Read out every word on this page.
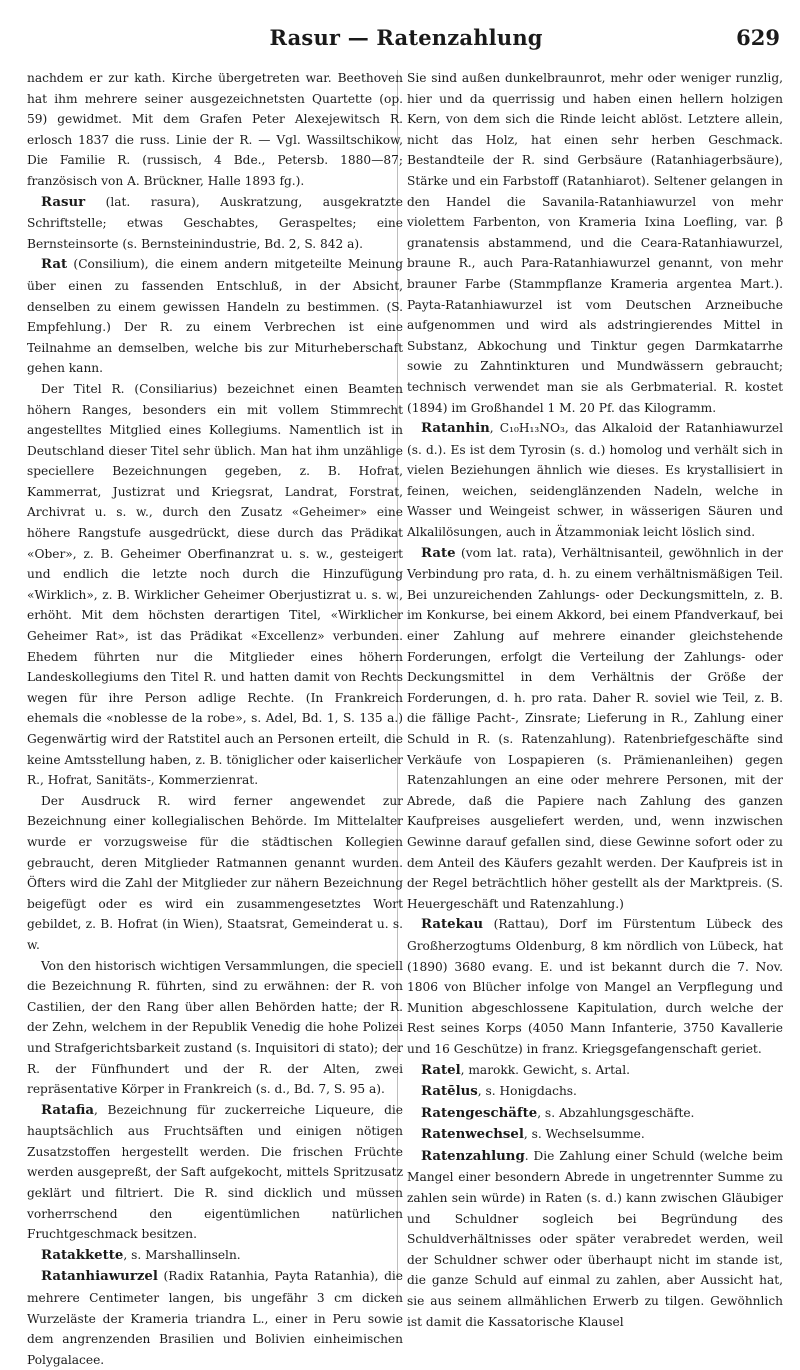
Rasur — Ratenzahlung	629

nachdem er zur kath. Kirche übergetreten war. Beethoven hat ihm mehrere seiner ausgezeichnetsten Quartette (op. 59) gewidmet. Mit dem Grafen Peter Alexejewitsch R. erlosch 1837 die russ. Linie der R. — Vgl. Wassiltschikow, Die Familie R. (russisch, 4 Bde., Petersb. 1880—87; französisch von A. Brückner, Halle 1893 fg.).

Rasur (lat. rasura), Auskratzung, ausgekratzte Schriftstelle; etwas Geschabtes, Geraspeltes; eine Bernsteinsorte (s. Bernsteinindustrie, Bd. 2, S. 842 a).

Rat (Consilium), die einem andern mitgeteilte Meinung über einen zu fassenden Entschluß, in der Absicht, denselben zu einem gewissen Handeln zu bestimmen. (S. Empfehlung.) Der R. zu einem Verbrechen ist eine Teilnahme an demselben, welche bis zur Miturheberschaft gehen kann.

Der Titel R. (Consiliarius) bezeichnet einen Beamten höhern Ranges, besonders ein mit vollem Stimmrecht angestelltes Mitglied eines Kollegiums. Namentlich ist in Deutschland dieser Titel sehr üblich. Man hat ihm unzählige speciellere Bezeichnungen gegeben, z. B. Hofrat, Kammerrat, Justizrat und Kriegsrat, Landrat, Forstrat, Archivrat u. s. w., durch den Zusatz «Geheimer» eine höhere Rangstufe ausgedrückt, diese durch das Prädikat «Ober», z. B. Geheimer Oberfinanzrat u. s. w., gesteigert und endlich die letzte noch durch die Hinzufügung «Wirklich», z. B. Wirklicher Geheimer Oberjustizrat u. s. w., erhöht. Mit dem höchsten derartigen Titel, «Wirklicher Geheimer Rat», ist das Prädikat «Excellenz» verbunden. Ehedem führten nur die Mitglieder eines höhern Landeskollegiums den Titel R. und hatten damit von Rechts wegen für ihre Person adlige Rechte. (In Frankreich ehemals die «noblesse de la robe», s. Adel, Bd. 1, S. 135 a.) Gegenwärtig wird der Ratstitel auch an Personen erteilt, die keine Amtsstellung haben, z. B. töniglicher oder kaiserlicher R., Hofrat, Sanitäts-, Kommerzienrat.

Der Ausdruck R. wird ferner angewendet zur Bezeichnung einer kollegialischen Behörde. Im Mittelalter wurde er vorzugsweise für die städtischen Kollegien gebraucht, deren Mitglieder Ratmannen genannt wurden. Öfters wird die Zahl der Mitglieder zur nähern Bezeichnung beigefügt oder es wird ein zusammengesetztes Wort gebildet, z. B. Hofrat (in Wien), Staatsrat, Gemeinderat u. s. w.

Von den historisch wichtigen Versammlungen, die speciell die Bezeichnung R. führten, sind zu erwähnen: der R. von Castilien, der den Rang über allen Behörden hatte; der R. der Zehn, welchem in der Republik Venedig die hohe Polizei und Strafgerichtsbarkeit zustand (s. Inquisitori di stato); der R. der Fünfhundert und der R. der Alten, zwei repräsentative Körper in Frankreich (s. d., Bd. 7, S. 95 a).

Ratafia, Bezeichnung für zuckerreiche Liqueure, die hauptsächlich aus Fruchtsäften und einigen nötigen Zusatzstoffen hergestellt werden. Die frischen Früchte werden ausgepreßt, der Saft aufgekocht, mittels Spritzusatz geklärt und filtriert. Die R. sind dicklich und müssen vorherrschend den eigentümlichen natürlichen Fruchtgeschmack besitzen.

Ratakkette, s. Marshallinseln.

Ratanhiawurzel (Radix Ratanhia, Payta Ratanhia), die mehrere Centimeter langen, bis ungefähr 3 cm dicken Wurzeläste der Krameria triandra L., einer in Peru sowie dem angrenzenden Brasilien und Bolivien einheimischen Polygalacee.

Sie sind außen dunkelbraunrot, mehr oder weniger runzlig, hier und da querrissig und haben einen hellern holzigen Kern, von dem sich die Rinde leicht ablöst. Letztere allein, nicht das Holz, hat einen sehr herben Geschmack. Bestandteile der R. sind Gerbsäure (Ratanhiagerbsäure), Stärke und ein Farbstoff (Ratanhiarot). Seltener gelangen in den Handel die Savanila-Ratanhiawurzel von mehr violettem Farbenton, von Krameria Ixina Loefling, var. β granatensis abstammend, und die Ceara-Ratanhiawurzel, braune R., auch Para-Ratanhiawurzel genannt, von mehr brauner Farbe (Stammpflanze Krameria argentea Mart.). Payta-Ratanhiawurzel ist vom Deutschen Arzneibuche aufgenommen und wird als adstringierendes Mittel in Substanz, Abkochung und Tinktur gegen Darmkatarrhe sowie zu Zahntinkturen und Mundwässern gebraucht; technisch verwendet man sie als Gerbmaterial. R. kostet (1894) im Großhandel 1 M. 20 Pf. das Kilogramm.

Ratanhin, C₁₀H₁₃NO₃, das Alkaloid der Ratanhiawurzel (s. d.). Es ist dem Tyrosin (s. d.) homolog und verhält sich in vielen Beziehungen ähnlich wie dieses. Es krystallisiert in feinen, weichen, seidenglänzenden Nadeln, welche in Wasser und Weingeist schwer, in wässerigen Säuren und Alkalilösungen, auch in Ätzammoniak leicht löslich sind.

Rate (vom lat. rata), Verhältnisanteil, gewöhnlich in der Verbindung pro rata, d. h. zu einem verhältnismäßigen Teil. Bei unzureichenden Zahlungs- oder Deckungsmitteln, z. B. im Konkurse, bei einem Akkord, bei einem Pfandverkauf, bei einer Zahlung auf mehrere einander gleichstehende Forderungen, erfolgt die Verteilung der Zahlungs- oder Deckungsmittel in dem Verhältnis der Größe der Forderungen, d. h. pro rata. Daher R. soviel wie Teil, z. B. die fällige Pacht-, Zinsrate; Lieferung in R., Zahlung einer Schuld in R. (s. Ratenzahlung). Ratenbriefgeschäfte sind Verkäufe von Lospapieren (s. Prämienanleihen) gegen Ratenzahlungen an eine oder mehrere Personen, mit der Abrede, daß die Papiere nach Zahlung des ganzen Kaufpreises ausgeliefert werden, und, wenn inzwischen Gewinne darauf gefallen sind, diese Gewinne sofort oder zu dem Anteil des Käufers gezahlt werden. Der Kaufpreis ist in der Regel beträchtlich höher gestellt als der Marktpreis. (S. Heuergeschäft und Ratenzahlung.)

Ratekau (Rattau), Dorf im Fürstentum Lübeck des Großherzogtums Oldenburg, 8 km nördlich von Lübeck, hat (1890) 3680 evang. E. und ist bekannt durch die 7. Nov. 1806 von Blücher infolge von Mangel an Verpflegung und Munition abgeschlossene Kapitulation, durch welche der Rest seines Korps (4050 Mann Infanterie, 3750 Kavallerie und 16 Geschütze) in franz. Kriegsgefangenschaft geriet.

Ratel, marokk. Gewicht, s. Artal.

Ratēlus, s. Honigdachs.

Ratengeschäfte, s. Abzahlungsgeschäfte.

Ratenwechsel, s. Wechselsumme.

Ratenzahlung. Die Zahlung einer Schuld (welche beim Mangel einer besondern Abrede in ungetrennter Summe zu zahlen sein würde) in Raten (s. d.) kann zwischen Gläubiger und Schuldner sogleich bei Begründung des Schuldverhältnisses oder später verabredet werden, weil der Schuldner schwer oder überhaupt nicht im stande ist, die ganze Schuld auf einmal zu zahlen, aber Aussicht hat, sie aus seinem allmählichen Erwerb zu tilgen. Gewöhnlich ist damit die Kassatorische Klausel
